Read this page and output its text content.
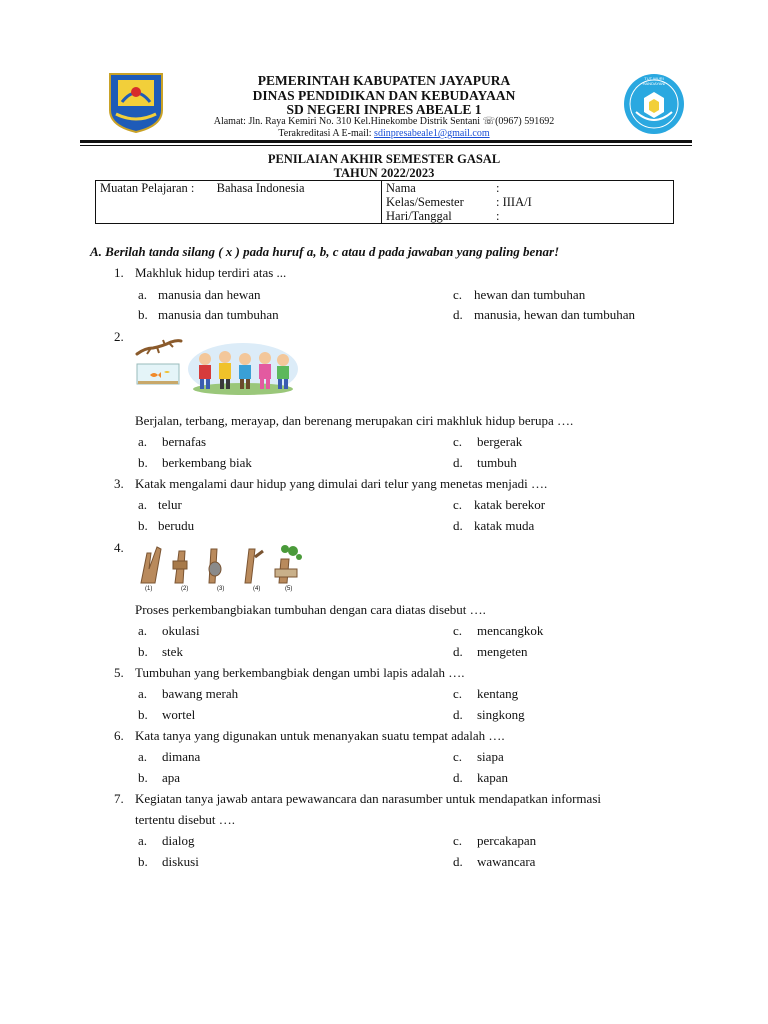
PEMERINTAH KABUPATEN JAYAPURA
DINAS PENDIDIKAN DAN KEBUDAYAAN
SD NEGERI INPRES ABEALE 1
Alamat: Jln. Raya Kemiri No. 310 Kel.Hinekombe Distrik Sentani ☏(0967) 591692
Terakreditasi A E-mail: sdinpresabeale1@gmail.com
TUT WURI HANDAYANI
PENILAIAN AKHIR SEMESTER GASAL
TAHUN 2022/2023
Muatan Pelajaran : Bahasa Indonesia	Nama	:
Kelas/Semester	: IIIA/I
Hari/Tanggal	:
A. Berilah tanda silang ( x ) pada huruf a, b, c atau d pada jawaban yang paling benar!
1. Makhluk hidup terdiri atas ...
a. manusia dan hewan
b. manusia dan tumbuhan
c. hewan dan tumbuhan
d. manusia, hewan dan tumbuhan
2.
Berjalan, terbang, merayap, dan berenang merupakan ciri makhluk hidup berupa ….
a. bernafas
b. berkembang biak
c. bergerak
d. tumbuh
3. Katak mengalami daur hidup yang dimulai dari telur yang menetas menjadi ….
a. telur
b. berudu
c. katak berekor
d. katak muda
4.
(1)	(2)	(3)	(4)	(5)
Proses perkembangbiakan tumbuhan dengan cara diatas disebut ….
a. okulasi
b. stek
c. mencangkok
d. mengeten
5. Tumbuhan yang berkembangbiak dengan umbi lapis adalah ….
a. bawang merah
b. wortel
c. kentang
d. singkong
6. Kata tanya yang digunakan untuk menanyakan suatu tempat adalah ….
a. dimana
b. apa
c. siapa
d. kapan
7. Kegiatan tanya jawab antara pewawancara dan narasumber untuk mendapatkan informasi
tertentu disebut ….
a. dialog
b. diskusi
c. percakapan
d. wawancara
